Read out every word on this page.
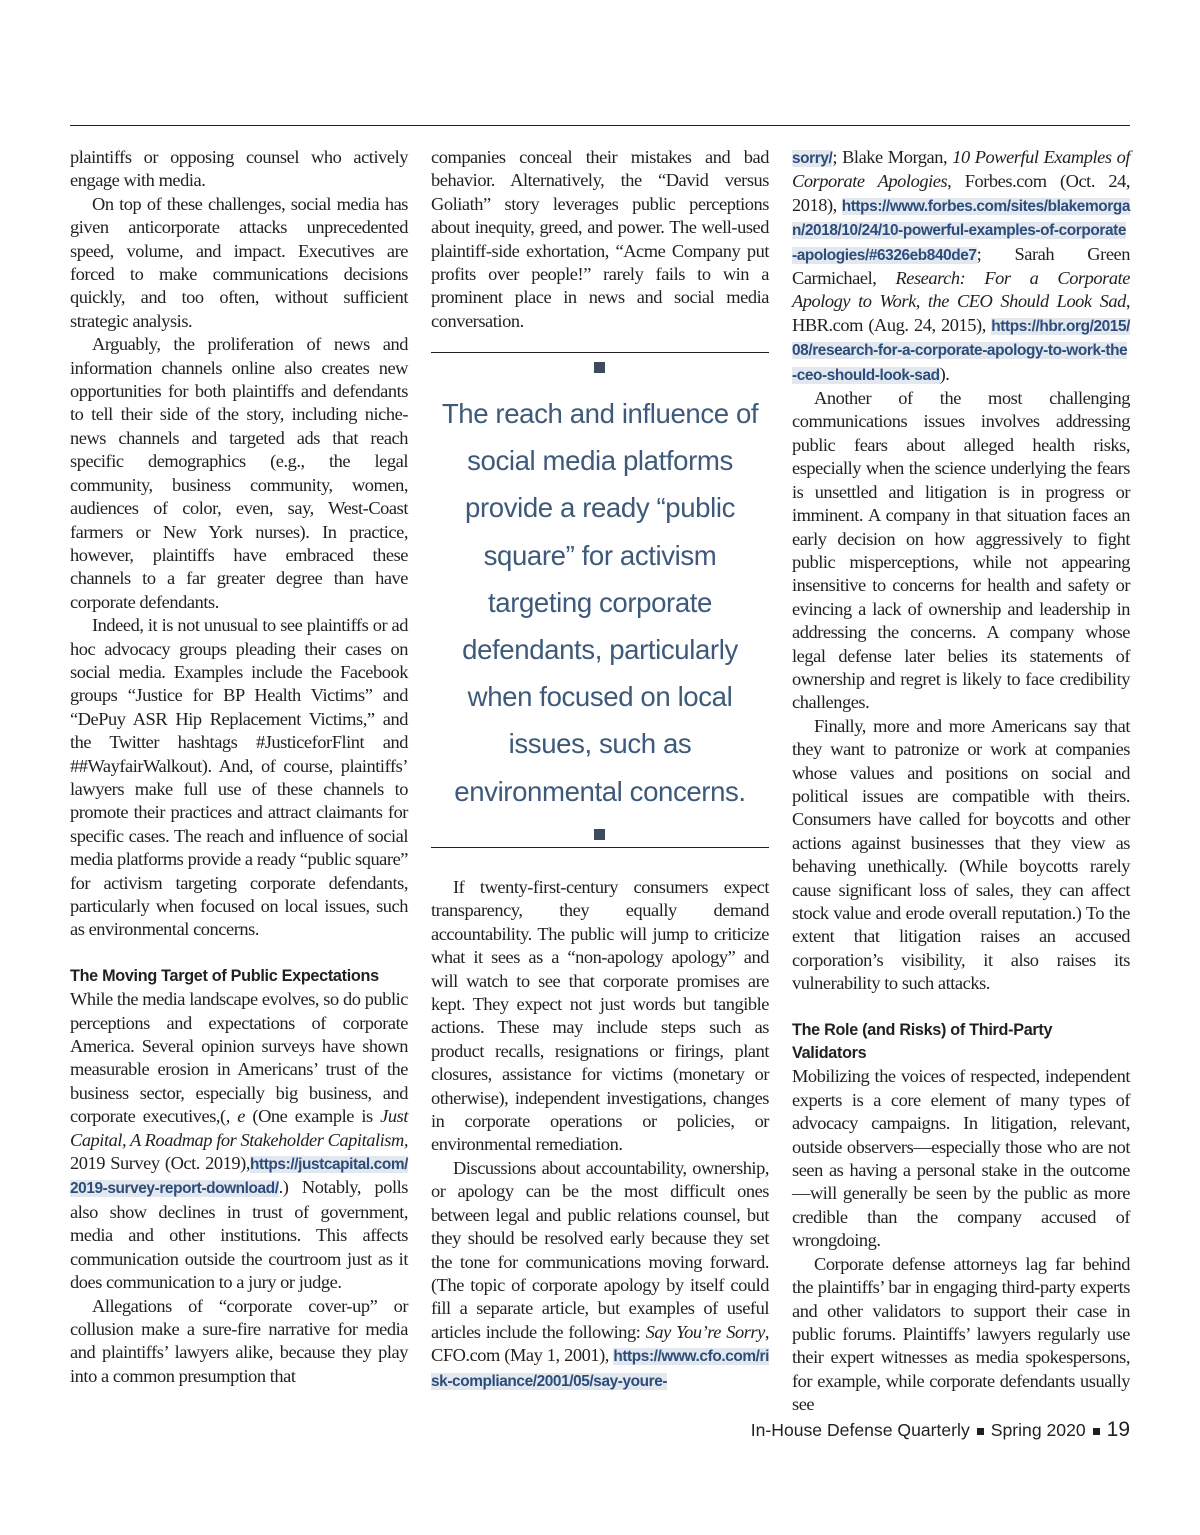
plaintiffs or opposing counsel who actively engage with media.

On top of these challenges, social media has given anticorporate attacks unprecedented speed, volume, and impact. Executives are forced to make communications decisions quickly, and too often, without sufficient strategic analysis.

Arguably, the proliferation of news and information channels online also creates new opportunities for both plaintiffs and defendants to tell their side of the story, including niche-news channels and targeted ads that reach specific demographics (e.g., the legal community, business community, women, audiences of color, even, say, West-Coast farmers or New York nurses). In practice, however, plaintiffs have embraced these channels to a far greater degree than have corporate defendants.

Indeed, it is not unusual to see plaintiffs or ad hoc advocacy groups pleading their cases on social media. Examples include the Facebook groups “Justice for BP Health Victims” and “DePuy ASR Hip Replacement Victims,” and the Twitter hashtags #JusticeforFlint and ##WayfairWalkout). And, of course, plaintiffs’ lawyers make full use of these channels to promote their practices and attract claimants for specific cases. The reach and influence of social media platforms provide a ready “public square” for activism targeting corporate defendants, particularly when focused on local issues, such as environmental concerns.

The Moving Target of Public Expectations

While the media landscape evolves, so do public perceptions and expectations of corporate America. Several opinion surveys have shown measurable erosion in Americans’ trust of the business sector, especially big business, and corporate executives,(, e (One example is Just Capital, A Roadmap for Stakeholder Capitalism, 2019 Survey (Oct. 2019),https://justcapital.com/2019-survey-report-download/.) Notably, polls also show declines in trust of government, media and other institutions. This affects communication outside the courtroom just as it does communication to a jury or judge.

Allegations of “corporate cover-up” or collusion make a sure-fire narrative for media and plaintiffs’ lawyers alike, because they play into a common presumption that

companies conceal their mistakes and bad behavior. Alternatively, the “David versus Goliath” story leverages public perceptions about inequity, greed, and power. The well-used plaintiff-side exhortation, “Acme Company put profits over people!” rarely fails to win a prominent place in news and social media conversation.

The reach and influence of social media platforms provide a ready “public square” for activism targeting corporate defendants, particularly when focused on local issues, such as environmental concerns.

If twenty-first-century consumers expect transparency, they equally demand accountability. The public will jump to criticize what it sees as a “non-apology apology” and will watch to see that corporate promises are kept. They expect not just words but tangible actions. These may include steps such as product recalls, resignations or firings, plant closures, assistance for victims (monetary or otherwise), independent investigations, changes in corporate operations or policies, or environmental remediation.

Discussions about accountability, ownership, or apology can be the most difficult ones between legal and public relations counsel, but they should be resolved early because they set the tone for communications moving forward. (The topic of corporate apology by itself could fill a separate article, but examples of useful articles include the following: Say You’re Sorry, CFO.com (May 1, 2001), https://www.cfo.com/risk-compliance/2001/05/say-youre-

sorry/; Blake Morgan, 10 Powerful Examples of Corporate Apologies, Forbes.com (Oct. 24, 2018), https://www.forbes.com/sites/blakemorgan/2018/10/24/10-powerful-examples-of-corporate-apologies/#6326eb840de7; Sarah Green Carmichael, Research: For a Corporate Apology to Work, the CEO Should Look Sad, HBR.com (Aug. 24, 2015), https://hbr.org/2015/08/research-for-a-corporate-apology-to-work-the-ceo-should-look-sad).

Another of the most challenging communications issues involves addressing public fears about alleged health risks, especially when the science underlying the fears is unsettled and litigation is in progress or imminent. A company in that situation faces an early decision on how aggressively to fight public misperceptions, while not appearing insensitive to concerns for health and safety or evincing a lack of ownership and leadership in addressing the concerns. A company whose legal defense later belies its statements of ownership and regret is likely to face credibility challenges.

Finally, more and more Americans say that they want to patronize or work at companies whose values and positions on social and political issues are compatible with theirs. Consumers have called for boycotts and other actions against businesses that they view as behaving unethically. (While boycotts rarely cause significant loss of sales, they can affect stock value and erode overall reputation.) To the extent that litigation raises an accused corporation’s visibility, it also raises its vulnerability to such attacks.

The Role (and Risks) of Third-Party Validators

Mobilizing the voices of respected, independent experts is a core element of many types of advocacy campaigns. In litigation, relevant, outside observers—especially those who are not seen as having a personal stake in the outcome—will generally be seen by the public as more credible than the company accused of wrongdoing.

Corporate defense attorneys lag far behind the plaintiffs’ bar in engaging third-party experts and other validators to support their case in public forums. Plaintiffs’ lawyers regularly use their expert witnesses as media spokespersons, for example, while corporate defendants usually see

In-House Defense Quarterly Spring 2020 19
